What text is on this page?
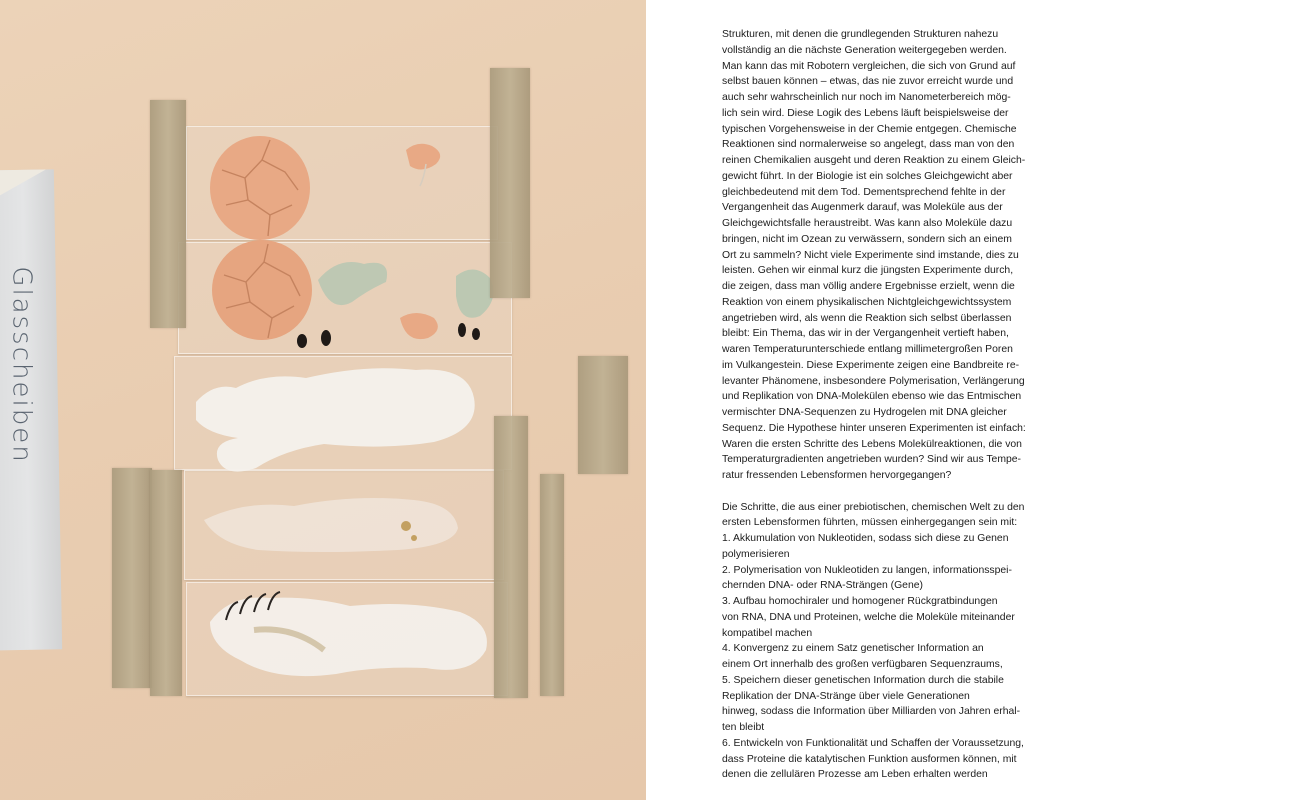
Glasscheiben
Strukturen, mit denen die grundlegenden Strukturen nahezu
vollständig an die nächste Generation weitergegeben werden.
Man kann das mit Robotern vergleichen, die sich von Grund auf
selbst bauen können – etwas, das nie zuvor erreicht wurde und
auch sehr wahrscheinlich nur noch im Nanometerbereich mög-
lich sein wird. Diese Logik des Lebens läuft beispielsweise der
typischen Vorgehensweise in der Chemie entgegen. Chemische
Reaktionen sind normalerweise so angelegt, dass man von den
reinen Chemikalien ausgeht und deren Reaktion zu einem Gleich-
gewicht führt. In der Biologie ist ein solches Gleichgewicht aber
gleichbedeutend mit dem Tod. Dementsprechend fehlte in der
Vergangenheit das Augenmerk darauf, was Moleküle aus der
Gleichgewichtsfalle heraustreibt. Was kann also Moleküle dazu
bringen, nicht im Ozean zu verwässern, sondern sich an einem
Ort zu sammeln? Nicht viele Experimente sind imstande, dies zu
leisten. Gehen wir einmal kurz die jüngsten Experimente durch,
die zeigen, dass man völlig andere Ergebnisse erzielt, wenn die
Reaktion von einem physikalischen Nichtgleichgewichtssystem
angetrieben wird, als wenn die Reaktion sich selbst überlassen
bleibt: Ein Thema, das wir in der Vergangenheit vertieft haben,
waren Temperaturunterschiede entlang millimetergroßen Poren
im Vulkangestein. Diese Experimente zeigen eine Bandbreite re-
levanter Phänomene, insbesondere Polymerisation, Verlängerung
und Replikation von DNA-Molekülen ebenso wie das Entmischen
vermischter DNA-Sequenzen zu Hydrogelen mit DNA gleicher
Sequenz. Die Hypothese hinter unseren Experimenten ist einfach:
Waren die ersten Schritte des Lebens Molekülreaktionen, die von
Temperaturgradienten angetrieben wurden? Sind wir aus Tempe-
ratur fressenden Lebensformen hervorgegangen?
Die Schritte, die aus einer prebiotischen, chemischen Welt zu den
ersten Lebensformen führten, müssen einhergegangen sein mit:
1. Akkumulation von Nukleotiden, sodass sich diese zu Genen
polymerisieren
2. Polymerisation von Nukleotiden zu langen, informationsspei-
chernden DNA- oder RNA-Strängen (Gene)
3. Aufbau homochiraler und homogener Rückgratbindungen
von RNA, DNA und Proteinen, welche die Moleküle miteinander
kompatibel machen
4. Konvergenz zu einem Satz genetischer Information an
einem Ort innerhalb des großen verfügbaren Sequenzraums,
5. Speichern dieser genetischen Information durch die stabile
Replikation der DNA-Stränge über viele Generationen
hinweg, sodass die Information über Milliarden von Jahren erhal-
ten bleibt
6. Entwickeln von Funktionalität und Schaffen der Voraussetzung,
dass Proteine die katalytischen Funktion ausformen können, mit
denen die zellulären Prozesse am Leben erhalten werden
